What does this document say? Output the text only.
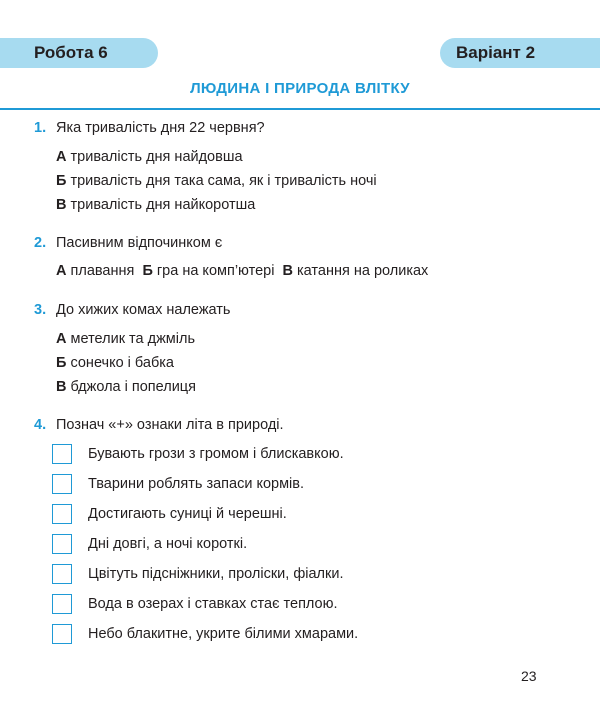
Робота 6	Варіант 2
ЛЮДИНА І ПРИРОДА ВЛІТКУ
1. Яка тривалість дня 22 червня?
А тривалість дня найдовша
Б тривалість дня така сама, як і тривалість ночі
В тривалість дня найкоротша
2. Пасивним відпочинком є
А плавання Б гра на комп’ютері В катання на роликах
3. До хижих комах належать
А метелик та джміль
Б сонечко і бабка
В бджола і попелиця
4. Познач «+» ознаки літа в природі.
Бувають грози з громом і блискавкою.
Тварини роблять запаси кормів.
Достигають суниці й черешні.
Дні довгі, а ночі короткі.
Цвітуть підсніжники, проліски, фіалки.
Вода в озерах і ставках стає теплою.
Небо блакитне, укрите білими хмарами.
23
